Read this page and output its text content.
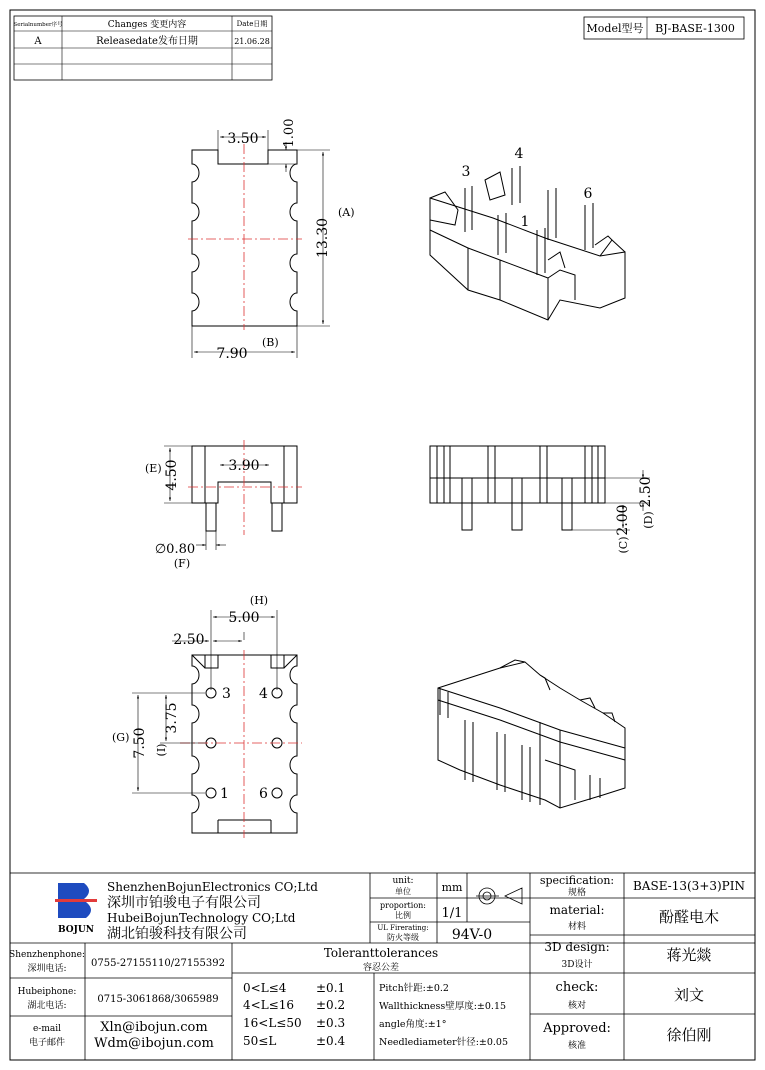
Serialnumber序号	Changes 变更内容	Date日期
A	Releasedate发布日期	21.06.28
Model型号 BJ-BASE-1300
3.50 1.00
13.30
(A)
7.90
(B)
3
4
6
1
(E) 4.50	3.90
∅0.80
(F)
2.50
(D)
2.00
(C)
(H)
5.00
2.50
(G) 7.50 (I)
3.75
3 4
1 6
BOJUN
ShenzhenBojunElectronics CO;Ltd
深圳市铂骏电子有限公司
HubeiBojunTechnology CO;Ltd
湖北铂骏科技有限公司
unit:
单位	mm
proportion:
比例 1/1
UL Firerating:
防火等级 94V-0
specification:
规格	BASE-13(3+3)PIN
material:
材料
酚醛电木
3D design:
3D设计
蒋光燚
check:
核对
刘文
Approved:
核准
徐伯刚
Shenzhenphone:
深圳电话: 0755-27155110/27155392
Hubeiphone:
湖北电话:
0715-3061868/3065989
e-mail
电子邮件
Xln@ibojun.com
Wdm@ibojun.com
Toleranttolerances
容忍公差
0<L≤4 ±0.1
4<L≤16 ±0.2
16<L≤50 ±0.3
50≤L	±0.4
Pitch针距:±0.2
Wallthickness壁厚度:±0.15
angle角度:±1°
Needlediameter针径:±0.05
